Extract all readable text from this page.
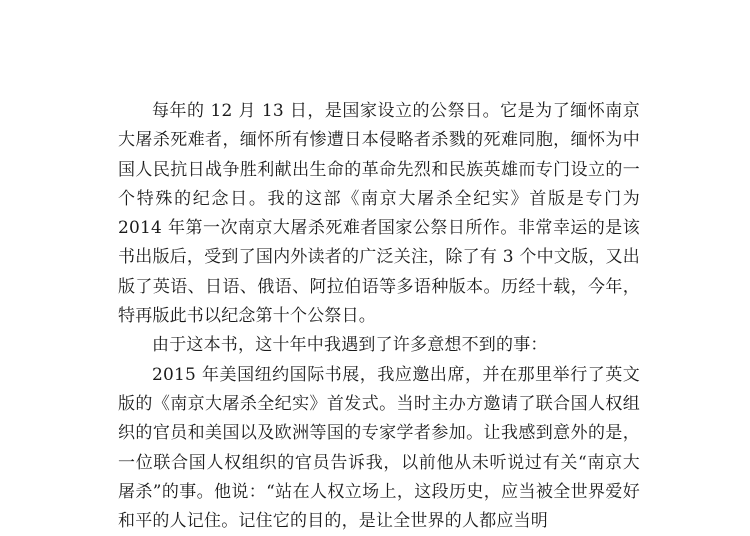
每年的 12 月 13 日，是国家设立的公祭日。它是为了缅怀南京大屠杀死难者，缅怀所有惨遭日本侵略者杀戮的死难同胞，缅怀为中国人民抗日战争胜利献出生命的革命先烈和民族英雄而专门设立的一个特殊的纪念日。我的这部《南京大屠杀全纪实》首版是专门为 2014 年第一次南京大屠杀死难者国家公祭日所作。非常幸运的是该书出版后，受到了国内外读者的广泛关注，除了有 3 个中文版，又出版了英语、日语、俄语、阿拉伯语等多语种版本。历经十载，今年，特再版此书以纪念第十个公祭日。

由于这本书，这十年中我遇到了许多意想不到的事：

2015 年美国纽约国际书展，我应邀出席，并在那里举行了英文版的《南京大屠杀全纪实》首发式。当时主办方邀请了联合国人权组织的官员和美国以及欧洲等国的专家学者参加。让我感到意外的是，一位联合国人权组织的官员告诉我，以前他从未听说过有关“南京大屠杀”的事。他说：“站在人权立场上，这段历史，应当被全世界爱好和平的人记住。记住它的目的，是让全世界的人都应当明
